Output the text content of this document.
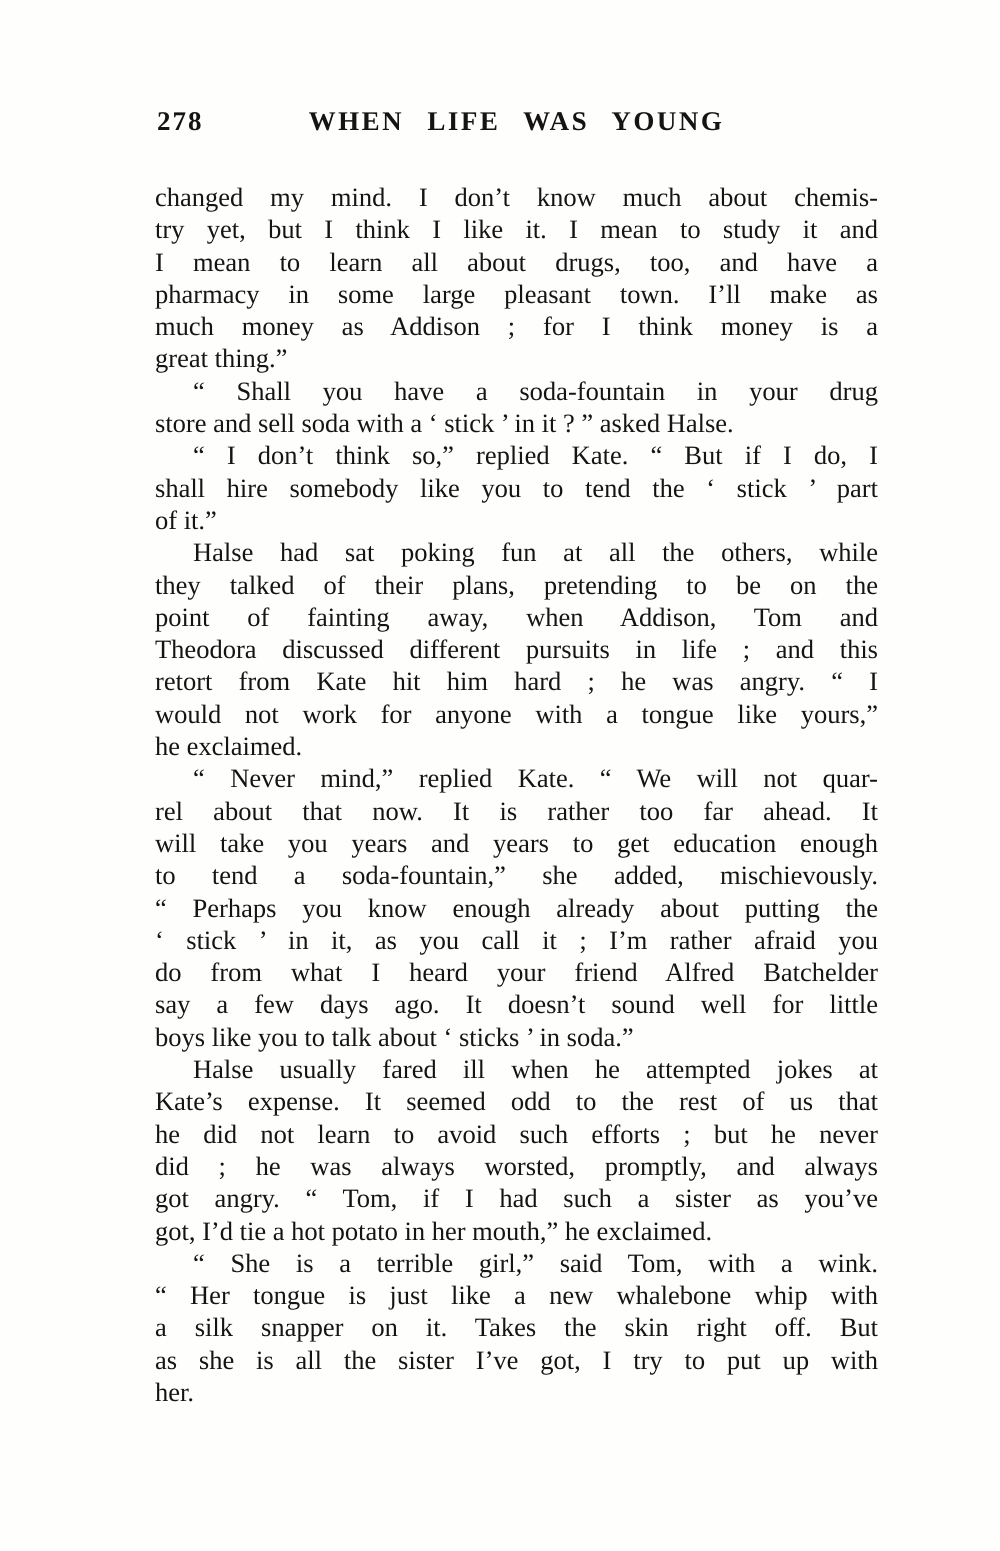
278	WHEN LIFE WAS YOUNG
changed my mind. I don’t know much about chemis-
try yet, but I think I like it. I mean to study it and
I mean to learn all about drugs, too, and have a
pharmacy in some large pleasant town. I’ll make as
much money as Addison ; for I think money is a
great thing.”
“ Shall you have a soda-fountain in your drug
store and sell soda with a ‘ stick ’ in it ? ” asked Halse.
“ I don’t think so,” replied Kate. “ But if I do, I
shall hire somebody like you to tend the ‘ stick ’ part
of it.”
Halse had sat poking fun at all the others, while
they talked of their plans, pretending to be on the
point of fainting away, when Addison, Tom and
Theodora discussed different pursuits in life ; and this
retort from Kate hit him hard ; he was angry. “ I
would not work for anyone with a tongue like yours,”
he exclaimed.
“ Never mind,” replied Kate. “ We will not quar-
rel about that now. It is rather too far ahead. It
will take you years and years to get education enough
to tend a soda-fountain,” she added, mischievously.
“ Perhaps you know enough already about putting the
‘ stick ’ in it, as you call it ; I’m rather afraid you
do from what I heard your friend Alfred Batchelder
say a few days ago. It doesn’t sound well for little
boys like you to talk about ‘ sticks ’ in soda.”
Halse usually fared ill when he attempted jokes at
Kate’s expense. It seemed odd to the rest of us that
he did not learn to avoid such efforts ; but he never
did ; he was always worsted, promptly, and always
got angry. “ Tom, if I had such a sister as you’ve
got, I’d tie a hot potato in her mouth,” he exclaimed.
“ She is a terrible girl,” said Tom, with a wink.
“ Her tongue is just like a new whalebone whip with
a silk snapper on it. Takes the skin right off. But
as she is all the sister I’ve got, I try to put up with
her.
